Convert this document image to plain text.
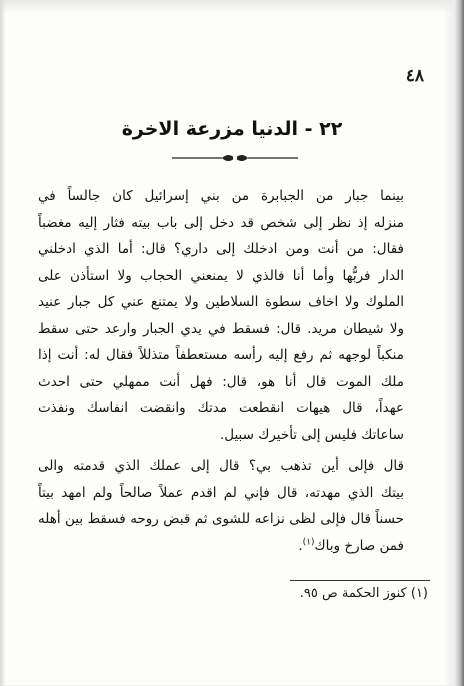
٤٨
٢٢ - الدنيا مزرعة الاخرة

بينما جبار من الجبابرة من بني إسرائيل كان جالساً في
منزله إذ نظر إلى شخص قد دخل إلى باب بيته فثار إليه مغضباً
فقال: من أنت ومن ادخلك إلى داري؟ قال: أما الذي ادخلني
الدار فربُّها وأما أنا فالذي لا يمنعني الحجاب ولا استأذن على
الملوك ولا اخاف سطوة السلاطين ولا يمتنع عني كل جبار عنيد
ولا شيطان مريد. قال: فسقط في يدي الجبار وارعد حتى سقط
منكباً لوجهه ثم رفع إليه رأسه مستعطفاً متذللاً فقال له: أنت إذا
ملك الموت قال أنا هو، قال: فهل أنت ممهلي حتى احدث
عهداً، قال هيهات انقطعت مدتك وانقضت انفاسك ونفذت
ساعاتك فليس إلى تأخيرك سبيل.

قال فإلى أين تذهب بي؟ قال إلى عملك الذي قدمته والى
بيتك الذي مهدته، قال فإني لم اقدم عملاً صالحاً ولم امهد بيتاً
حسناً قال فإلى لظى نزاعه للشوى ثم قبض روحه فسقط بين أهله
فمن صارخ وباك$^{(١)}$.

(١) كنوز الحكمة ص ٩٥.
